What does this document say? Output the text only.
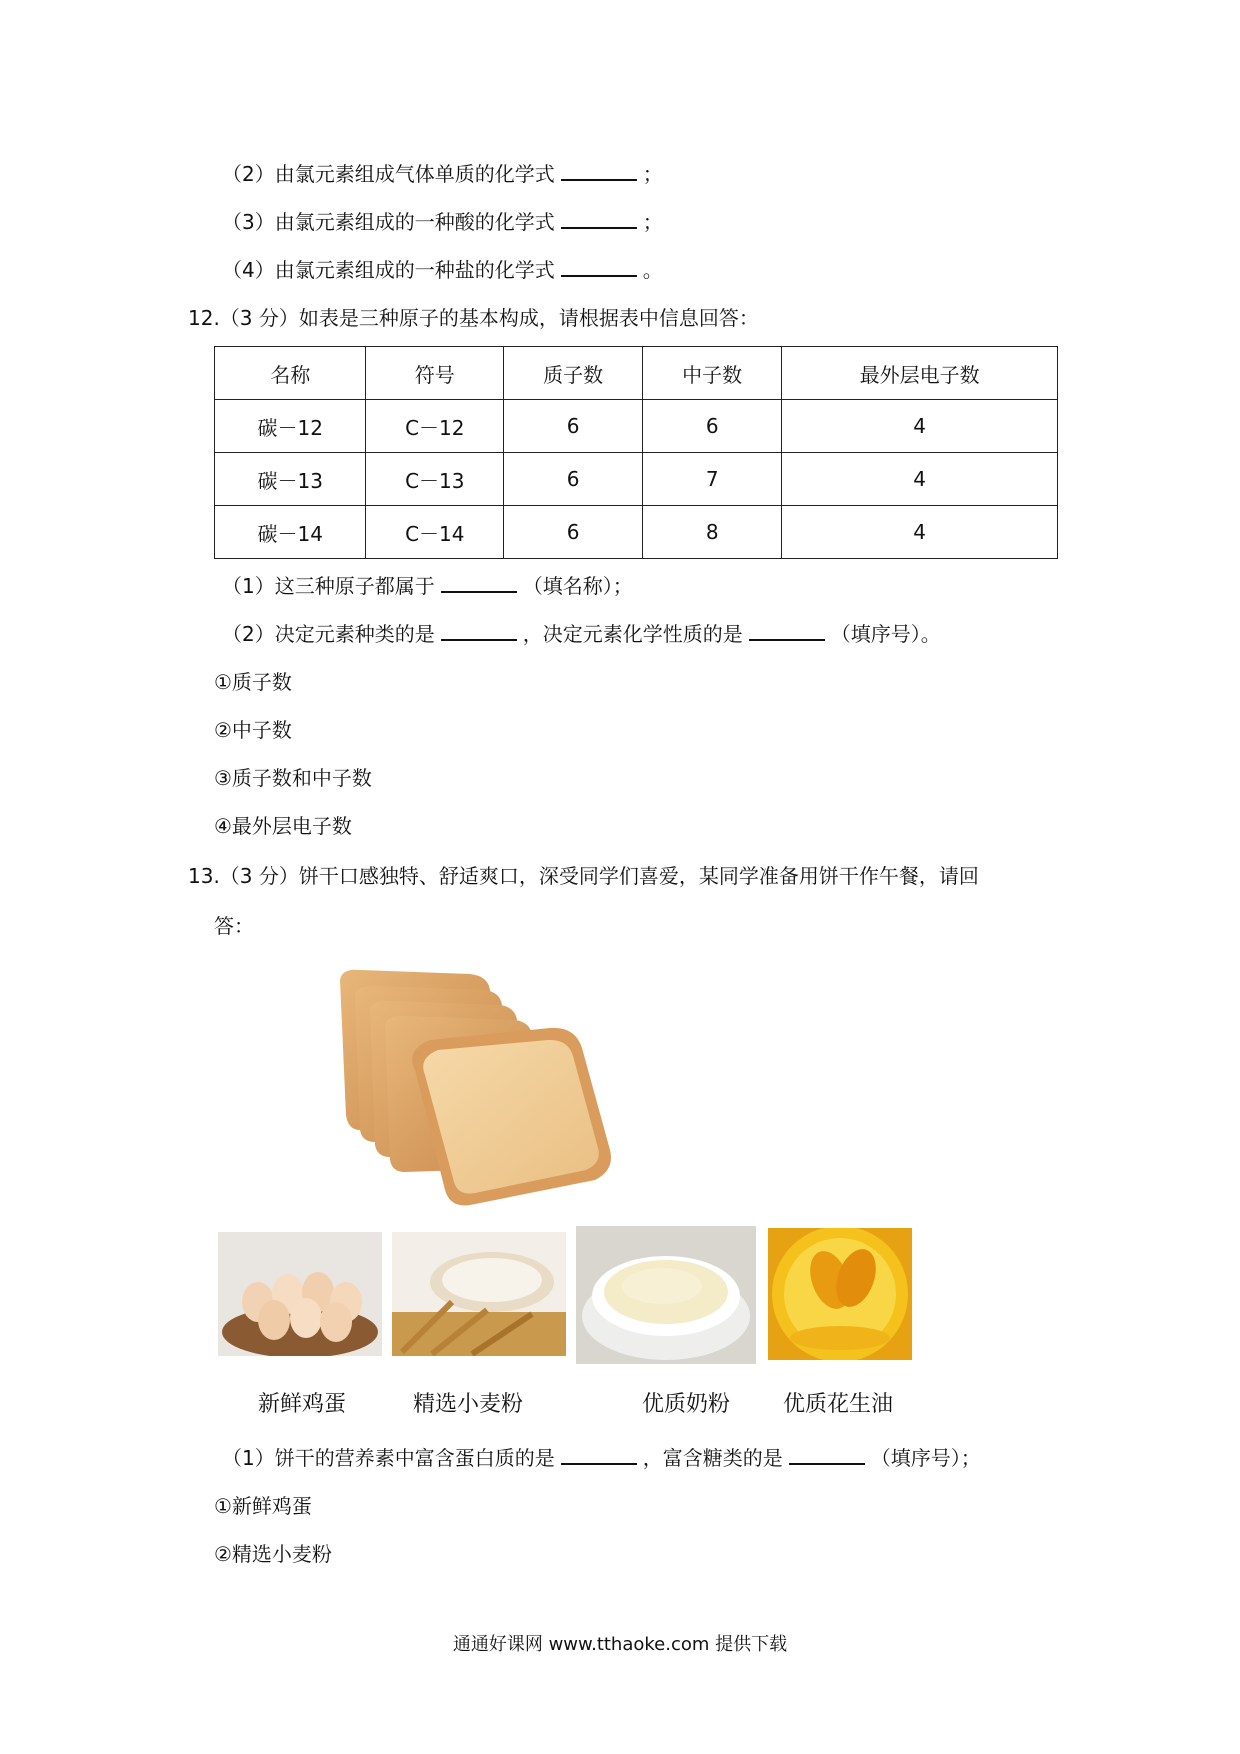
（2）由氯元素组成气体单质的化学式	；
（3）由氯元素组成的一种酸的化学式	；
（4）由氯元素组成的一种盐的化学式	。
12.（3 分）如表是三种原子的基本构成，请根据表中信息回答：
名称	符号	质子数	中子数	最外层电子数
碳－12	C－12	6	6	4
碳－13	C－13	6	7	4
碳－14	C－14	6	8	4
（1）这三种原子都属于	（填名称）；
（2）决定元素种类的是	，决定元素化学性质的是	（填序号）。
①质子数
②中子数
③质子数和中子数
④最外层电子数
13.（3 分）饼干口感独特、舒适爽口，深受同学们喜爱，某同学准备用饼干作午餐，请回
答：
新鲜鸡蛋	精选小麦粉	优质奶粉 优质花生油
（1）饼干的营养素中富含蛋白质的是	，富含糖类的是	（填序号）；
①新鲜鸡蛋
②精选小麦粉
通通好课网 www.tthaoke.com 提供下载
